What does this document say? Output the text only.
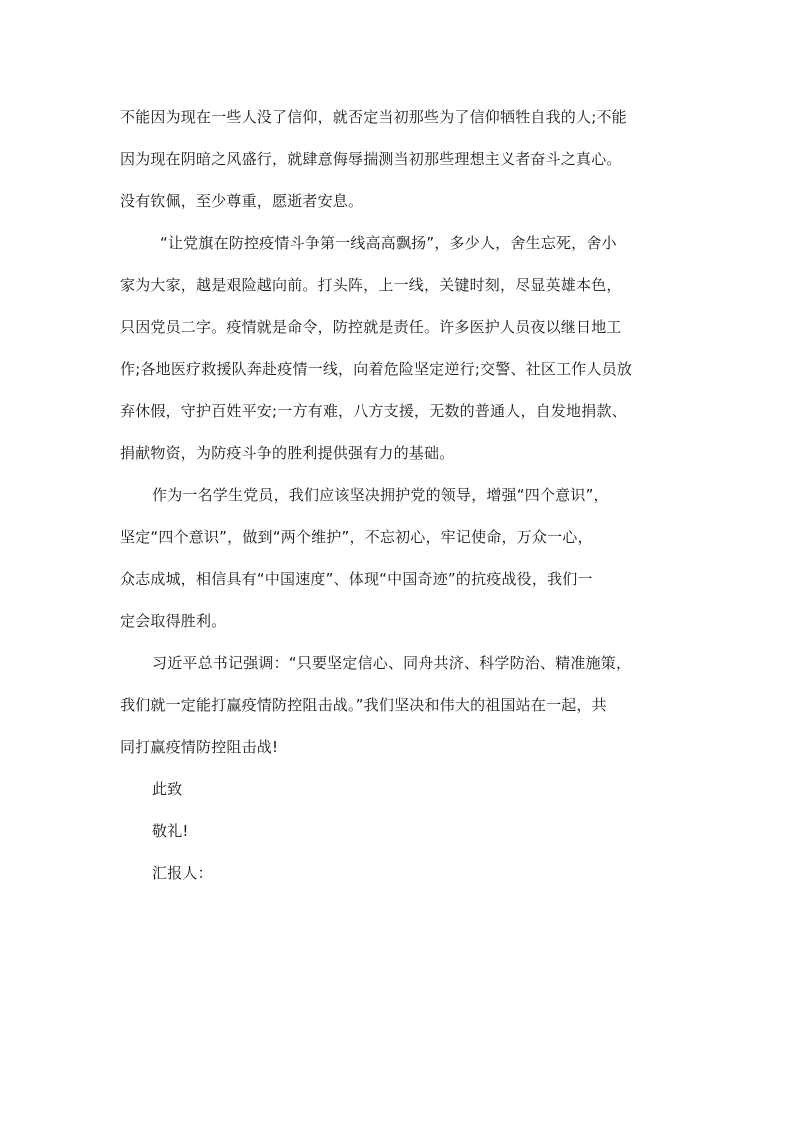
不能因为现在一些人没了信仰，就否定当初那些为了信仰牺牲自我的人;不能
因为现在阴暗之风盛行，就肆意侮辱揣测当初那些理想主义者奋斗之真心。
没有钦佩，至少尊重，愿逝者安息。
“让党旗在防控疫情斗争第一线高高飘扬”，多少人，舍生忘死，舍小
家为大家，越是艰险越向前。打头阵，上一线，关键时刻，尽显英雄本色，
只因党员二字。疫情就是命令，防控就是责任。许多医护人员夜以继日地工
作;各地医疗救援队奔赴疫情一线，向着危险坚定逆行;交警、社区工作人员放
弃休假，守护百姓平安;一方有难，八方支援，无数的普通人，自发地捐款、
捐献物资，为防疫斗争的胜利提供强有力的基础。
作为一名学生党员，我们应该坚决拥护党的领导，增强“四个意识”，
坚定“四个意识”，做到“两个维护”，不忘初心，牢记使命，万众一心，
众志成城，相信具有“中国速度”、体现“中国奇迹”的抗疫战役，我们一
定会取得胜利。
习近平总书记强调：“只要坚定信心、同舟共济、科学防治、精准施策，
我们就一定能打赢疫情防控阻击战。”我们坚决和伟大的祖国站在一起，共
同打赢疫情防控阻击战!
此致
敬礼!
汇报人：
